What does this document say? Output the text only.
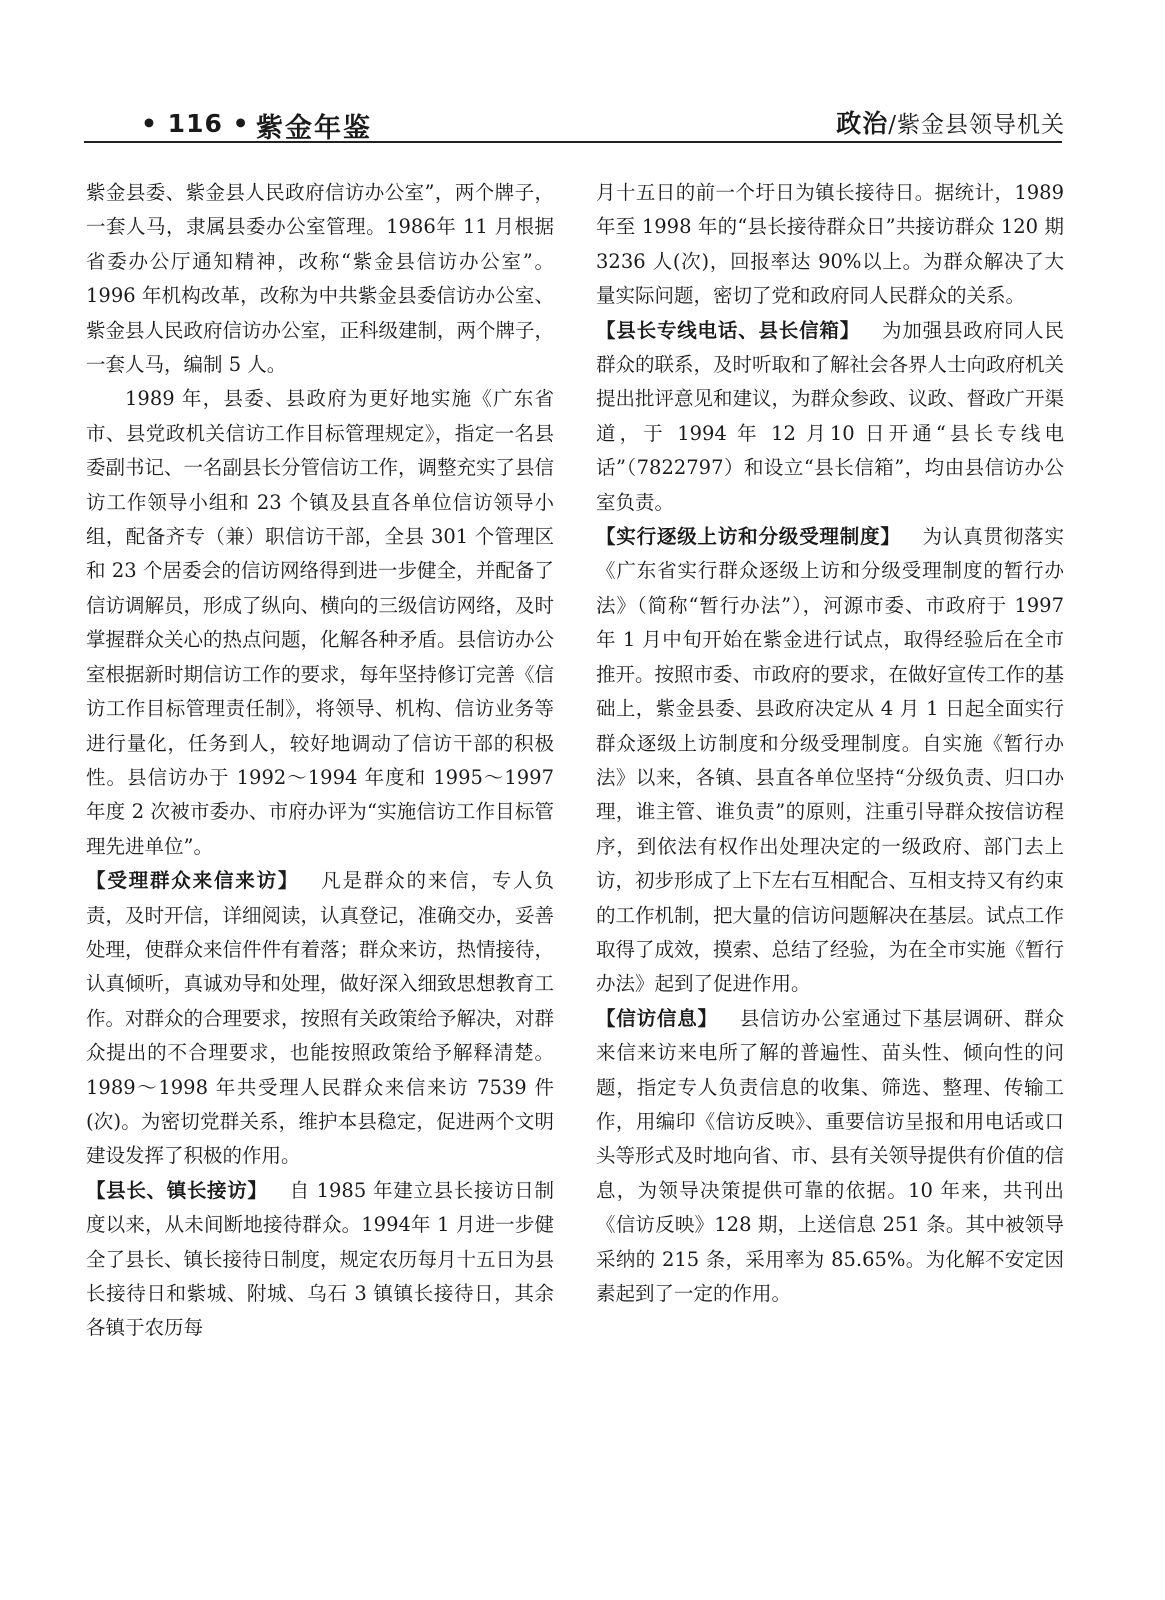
• 116 • 紫金年鉴	政治/紫金县领导机关

紫金县委、紫金县人民政府信访办公室”，两个牌子，一套人马，隶属县委办公室管理。1986年 11 月根据省委办公厅通知精神，改称“紫金县信访办公室”。1996 年机构改革，改称为中共紫金县委信访办公室、紫金县人民政府信访办公室，正科级建制，两个牌子，一套人马，编制 5 人。

1989 年，县委、县政府为更好地实施《广东省市、县党政机关信访工作目标管理规定》，指定一名县委副书记、一名副县长分管信访工作，调整充实了县信访工作领导小组和 23 个镇及县直各单位信访领导小组，配备齐专（兼）职信访干部，全县 301 个管理区和 23 个居委会的信访网络得到进一步健全，并配备了信访调解员，形成了纵向、横向的三级信访网络，及时掌握群众关心的热点问题，化解各种矛盾。县信访办公室根据新时期信访工作的要求，每年坚持修订完善《信访工作目标管理责任制》，将领导、机构、信访业务等进行量化，任务到人，较好地调动了信访干部的积极性。县信访办于 1992～1994 年度和 1995～1997 年度 2 次被市委办、市府办评为“实施信访工作目标管理先进单位”。

【受理群众来信来访】 凡是群众的来信，专人负责，及时开信，详细阅读，认真登记，准确交办，妥善处理，使群众来信件件有着落；群众来访，热情接待，认真倾听，真诚劝导和处理，做好深入细致思想教育工作。对群众的合理要求，按照有关政策给予解决，对群众提出的不合理要求，也能按照政策给予解释清楚。1989～1998 年共受理人民群众来信来访 7539 件(次)。为密切党群关系，维护本县稳定，促进两个文明建设发挥了积极的作用。

【县长、镇长接访】 自 1985 年建立县长接访日制度以来，从未间断地接待群众。1994年 1 月进一步健全了县长、镇长接待日制度，规定农历每月十五日为县长接待日和紫城、附城、乌石 3 镇镇长接待日，其余各镇于农历每

月十五日的前一个圩日为镇长接待日。据统计，1989 年至 1998 年的“县长接待群众日”共接访群众 120 期 3236 人(次)，回报率达 90%以上。为群众解决了大量实际问题，密切了党和政府同人民群众的关系。

【县长专线电话、县长信箱】 为加强县政府同人民群众的联系，及时听取和了解社会各界人士向政府机关提出批评意见和建议，为群众参政、议政、督政广开渠道，于 1994 年 12 月10 日开通“县长专线电话”（7822797）和设立“县长信箱”，均由县信访办公室负责。

【实行逐级上访和分级受理制度】 为认真贯彻落实《广东省实行群众逐级上访和分级受理制度的暂行办法》（简称“暂行办法”），河源市委、市政府于 1997 年 1 月中旬开始在紫金进行试点，取得经验后在全市推开。按照市委、市政府的要求，在做好宣传工作的基础上，紫金县委、县政府决定从 4 月 1 日起全面实行群众逐级上访制度和分级受理制度。自实施《暂行办法》以来，各镇、县直各单位坚持“分级负责、归口办理，谁主管、谁负责”的原则，注重引导群众按信访程序，到依法有权作出处理决定的一级政府、部门去上访，初步形成了上下左右互相配合、互相支持又有约束的工作机制，把大量的信访问题解决在基层。试点工作取得了成效，摸索、总结了经验，为在全市实施《暂行办法》起到了促进作用。

【信访信息】 县信访办公室通过下基层调研、群众来信来访来电所了解的普遍性、苗头性、倾向性的问题，指定专人负责信息的收集、筛选、整理、传输工作，用编印《信访反映》、重要信访呈报和用电话或口头等形式及时地向省、市、县有关领导提供有价值的信息，为领导决策提供可靠的依据。10 年来，共刊出《信访反映》128 期，上送信息 251 条。其中被领导采纳的 215 条，采用率为 85.65%。为化解不安定因素起到了一定的作用。
